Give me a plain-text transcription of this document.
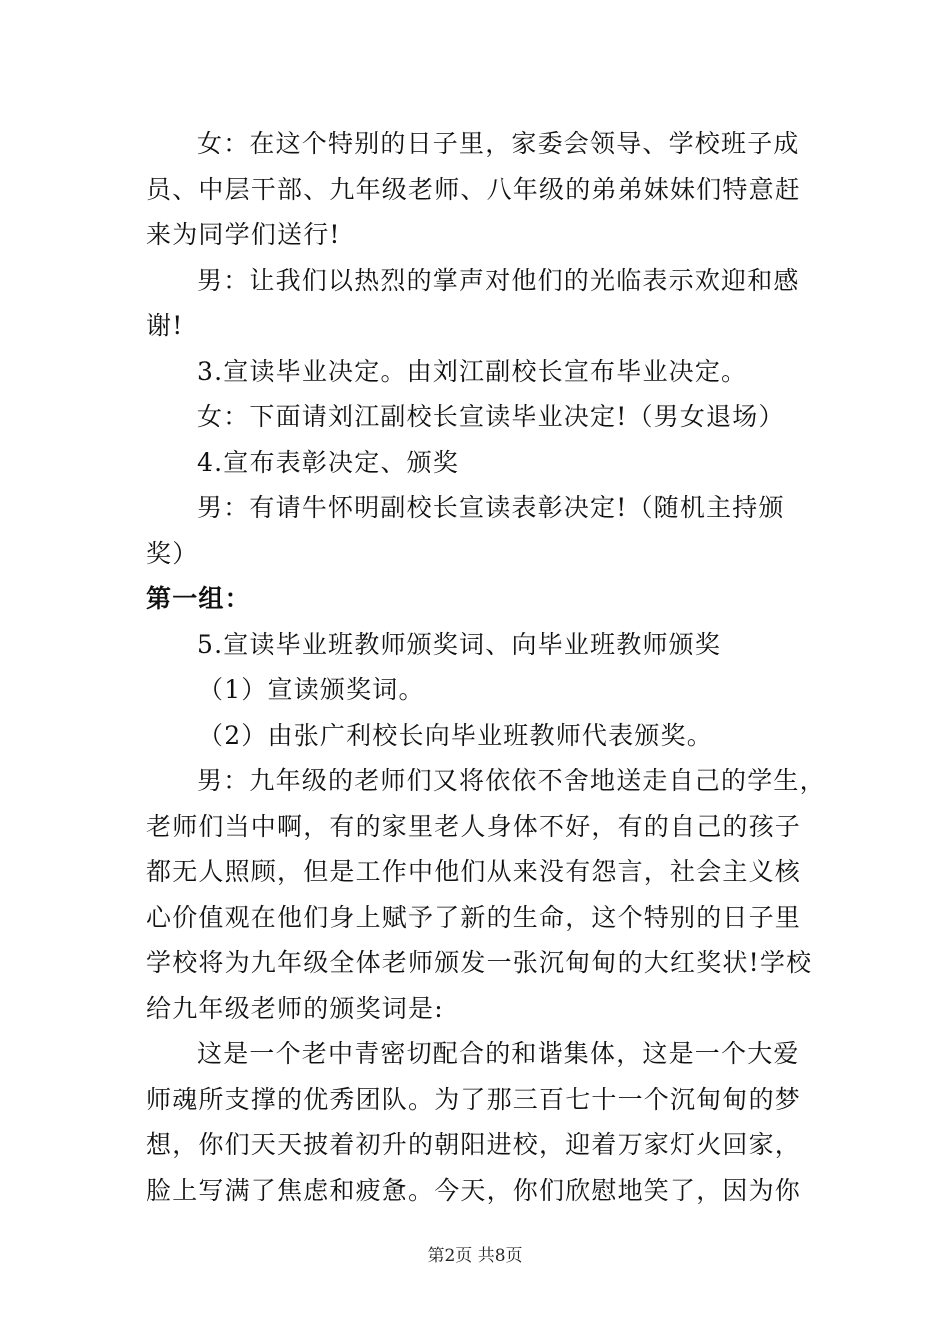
女：在这个特别的日子里，家委会领导、学校班子成
员、中层干部、九年级老师、八年级的弟弟妹妹们特意赶
来为同学们送行!
男：让我们以热烈的掌声对他们的光临表示欢迎和感
谢!
3.宣读毕业决定。由刘江副校长宣布毕业决定。
女：下面请刘江副校长宣读毕业决定!（男女退场）
4.宣布表彰决定、颁奖
男：有请牛怀明副校长宣读表彰决定!（随机主持颁
奖）
第一组：
5.宣读毕业班教师颁奖词、向毕业班教师颁奖
（1）宣读颁奖词。
（2）由张广利校长向毕业班教师代表颁奖。
男：九年级的老师们又将依依不舍地送走自己的学生，
老师们当中啊，有的家里老人身体不好，有的自己的孩子
都无人照顾，但是工作中他们从来没有怨言，社会主义核
心价值观在他们身上赋予了新的生命，这个特别的日子里
学校将为九年级全体老师颁发一张沉甸甸的大红奖状!学校
给九年级老师的颁奖词是:
这是一个老中青密切配合的和谐集体，这是一个大爱
师魂所支撑的优秀团队。为了那三百七十一个沉甸甸的梦
想，你们天天披着初升的朝阳进校，迎着万家灯火回家，
脸上写满了焦虑和疲惫。今天，你们欣慰地笑了，因为你
第2页 共8页
